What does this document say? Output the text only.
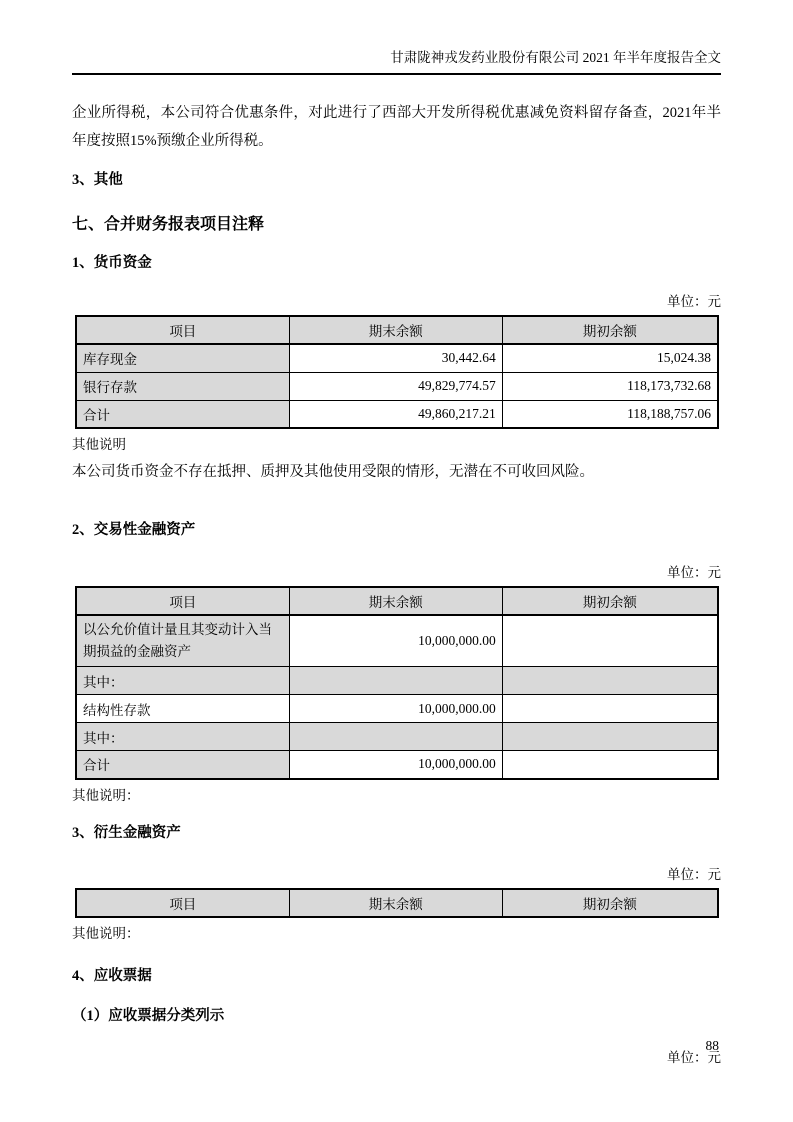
甘肃陇神戎发药业股份有限公司 2021 年半年度报告全文
企业所得税，本公司符合优惠条件，对此进行了西部大开发所得税优惠减免资料留存备查，2021年半年度按照15%预缴企业所得税。
3、其他
七、合并财务报表项目注释
1、货币资金
单位：元
项目	期末余额	期初余额
库存现金	30,442.64	15,024.38
银行存款	49,829,774.57	118,173,732.68
合计	49,860,217.21	118,188,757.06
其他说明
本公司货币资金不存在抵押、质押及其他使用受限的情形，无潜在不可收回风险。
2、交易性金融资产
单位：元
项目	期末余额	期初余额
以公允价值计量且其变动计入当期损益的金融资产	10,000,000.00	
其中：		
结构性存款	10,000,000.00	
其中：		
合计	10,000,000.00	
其他说明：
3、衍生金融资产
单位：元
项目	期末余额	期初余额
其他说明：
4、应收票据
（1）应收票据分类列示
单位：元
88
